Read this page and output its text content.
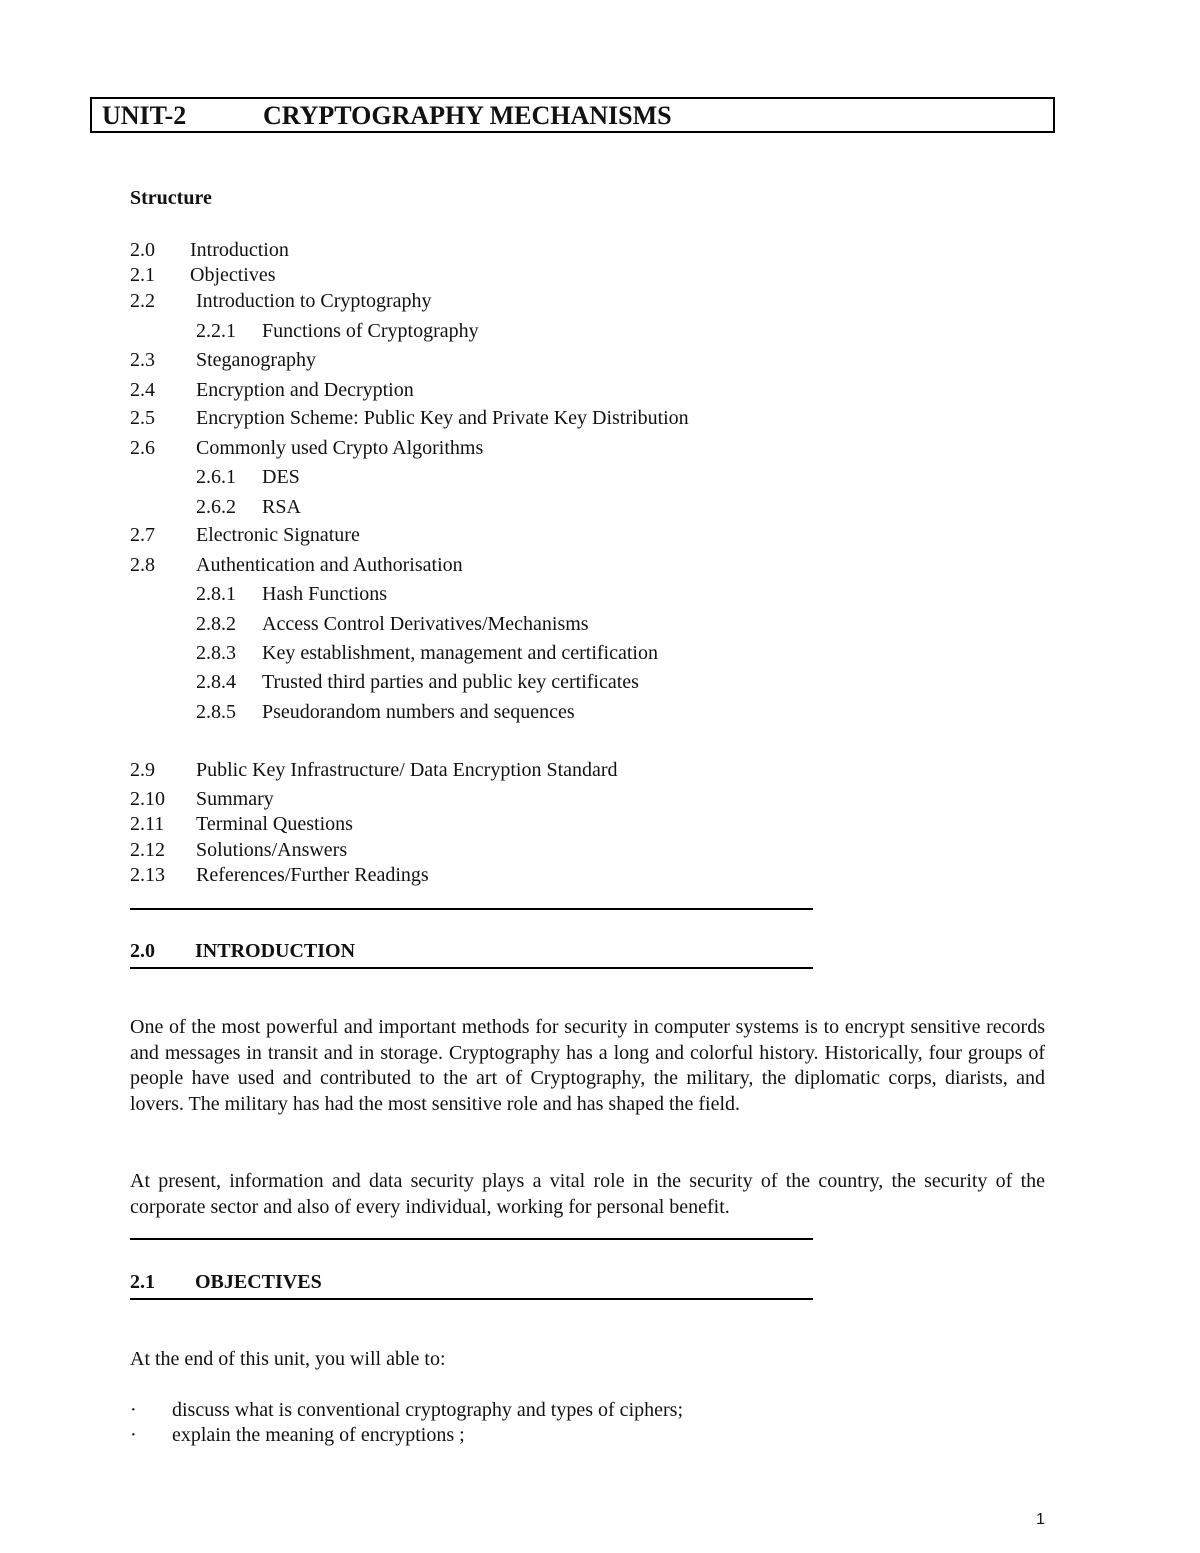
UNIT-2	CRYPTOGRAPHY MECHANISMS
Structure
2.0 Introduction
2.1 Objectives
2.2 Introduction to Cryptography
2.2.1 Functions of Cryptography
2.3 Steganography
2.4 Encryption and Decryption
2.5 Encryption Scheme: Public Key and Private Key Distribution
2.6 Commonly used Crypto Algorithms
2.6.1 DES
2.6.2 RSA
2.7 Electronic Signature
2.8 Authentication and Authorisation
2.8.1 Hash Functions
2.8.2 Access Control Derivatives/Mechanisms
2.8.3 Key establishment, management and certification
2.8.4 Trusted third parties and public key certificates
2.8.5 Pseudorandom numbers and sequences
2.9 Public Key Infrastructure/ Data Encryption Standard
2.10 Summary
2.11 Terminal Questions
2.12 Solutions/Answers
2.13 References/Further Readings
2.0 INTRODUCTION

One of the most powerful and important methods for security in computer systems is to encrypt sensitive records and messages in transit and in storage. Cryptography has a long and colorful history. Historically, four groups of people have used and contributed to the art of Cryptography, the military, the diplomatic corps, diarists, and lovers. The military has had the most sensitive role and has shaped the field.

At present, information and data security plays a vital role in the security of the country, the security of the corporate sector and also of every individual, working for personal benefit.

2.1 OBJECTIVES

At the end of this unit, you will able to:

· discuss what is conventional cryptography and types of ciphers;
· explain the meaning of encryptions ;
1
